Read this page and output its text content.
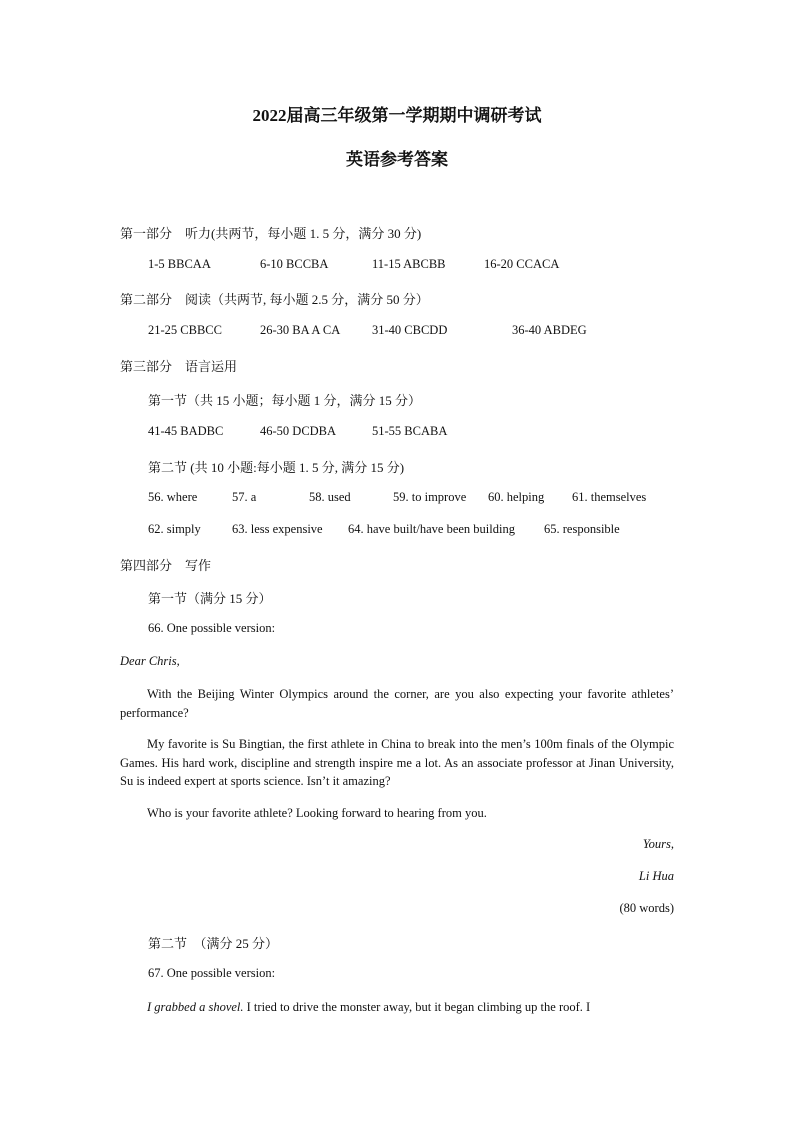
2022届高三年级第一学期期中调研考试
英语参考答案
第一部分　听力(共两节，每小题 1. 5 分，满分 30 分)
1-5 BBCAA	6-10 BCCBA	11-15 ABCBB	16-20 CCACA
第二部分　阅读（共两节, 每小题 2.5 分，满分 50 分）
21-25 CBBCC	26-30 BA A CA	31-40 CBCDD	36-40 ABDEG
第三部分　语言运用
第一节（共 15 小题；每小题 1 分，满分 15 分）
41-45 BADBC	46-50 DCDBA	51-55 BCABA
第二节 (共 10 小题:每小题 1. 5 分, 满分 15 分)
56. where	57. a	58. used	59. to improve 60. helping 61. themselves
62. simply 63. less expensive 64. have built/have been building 65. responsible
第四部分　写作
第一节（满分 15 分）
66. One possible version:
Dear Chris,
With the Beijing Winter Olympics around the corner, are you also expecting your favorite athletes’ performance?
My favorite is Su Bingtian, the first athlete in China to break into the men’s 100m finals of the Olympic Games. His hard work, discipline and strength inspire me a lot. As an associate professor at Jinan University, Su is indeed expert at sports science. Isn’t it amazing?
Who is your favorite athlete? Looking forward to hearing from you.
Yours,
Li Hua
(80 words)
第二节　（满分 25 分）
67. One possible version:
I grabbed a shovel. I tried to drive the monster away, but it began climbing up the roof. I
